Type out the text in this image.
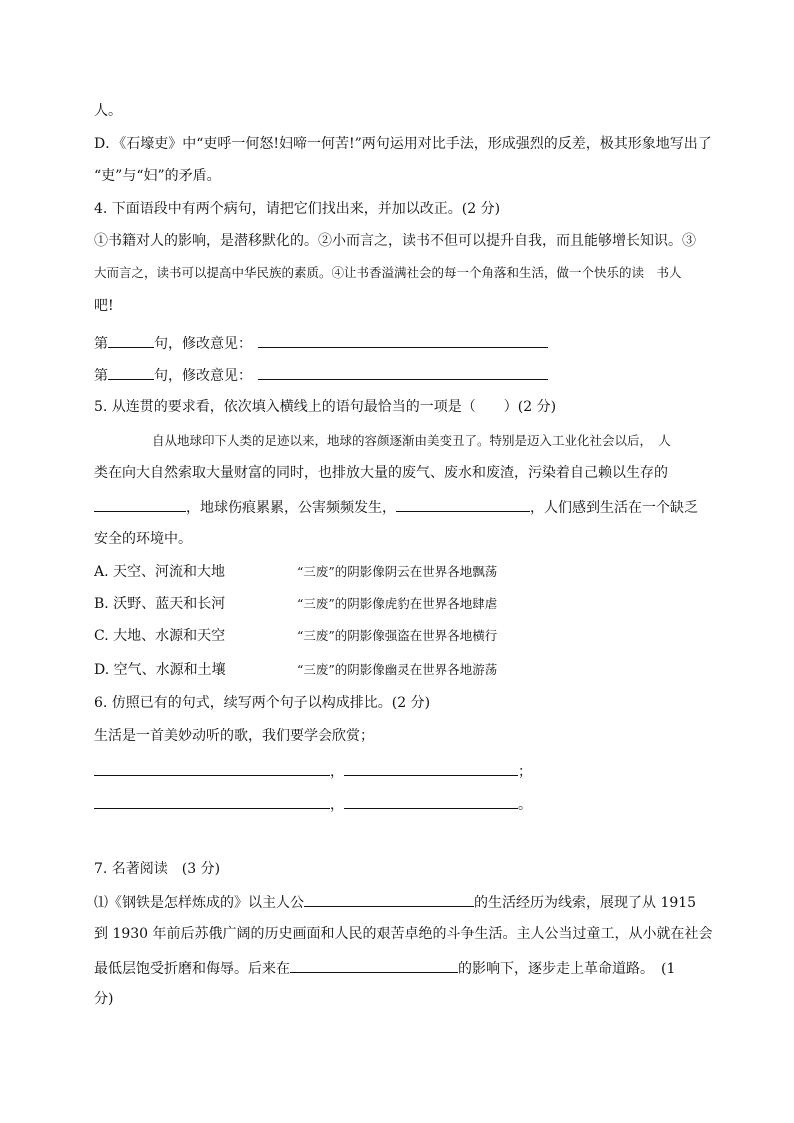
人。
D．《石壕吏》中“吏呼一何怒!妇啼一何苦!”两句运用对比手法，形成强烈的反差，极其形象地写出了
“吏”与“妇”的矛盾。
4. 下面语段中有两个病句，请把它们找出来，并加以改正。(2 分)
①书籍对人的影响，是潜移默化的。②小而言之，读书不但可以提升自我，而且能够增长知识。③
大而言之，读书可以提高中华民族的素质。④让书香溢满社会的每一个角落和生活，做一个快乐的读　书人
吧!
第	句，修改意见：
第	句，修改意见：
5. 从连贯的要求看，依次填入横线上的语句最恰当的一项是（　　）(2 分)
自从地球印下人类的足迹以来，地球的容颜逐渐由美变丑了。特别是迈入工业化社会以后，　人
类在向大自然索取大量财富的同时，也排放大量的废气、废水和废渣，污染着自己赖以生存的
，地球伤痕累累，公害频频发生，	，人们感到生活在一个缺乏
安全的环境中。
A. 天空、河流和大地	“三废”的阴影像阴云在世界各地飘荡
B. 沃野、蓝天和长河	“三废”的阴影像虎豹在世界各地肆虐
C. 大地、水源和天空	“三废”的阴影像强盗在世界各地横行
D. 空气、水源和土壤	“三废”的阴影像幽灵在世界各地游荡
6. 仿照已有的句式，续写两个句子以构成排比。(2 分)
生活是一首美妙动听的歌，我们要学会欣赏；
，	；
，	。
7. 名著阅读　(3 分)
⑴《钢铁是怎样炼成的》以主人公	的生活经历为线索，展现了从 1915
到 1930 年前后苏俄广阔的历史画面和人民的艰苦卓绝的斗争生活。主人公当过童工，从小就在社会
最低层饱受折磨和侮辱。后来在	的影响下，逐步走上革命道路。　(1
分)
